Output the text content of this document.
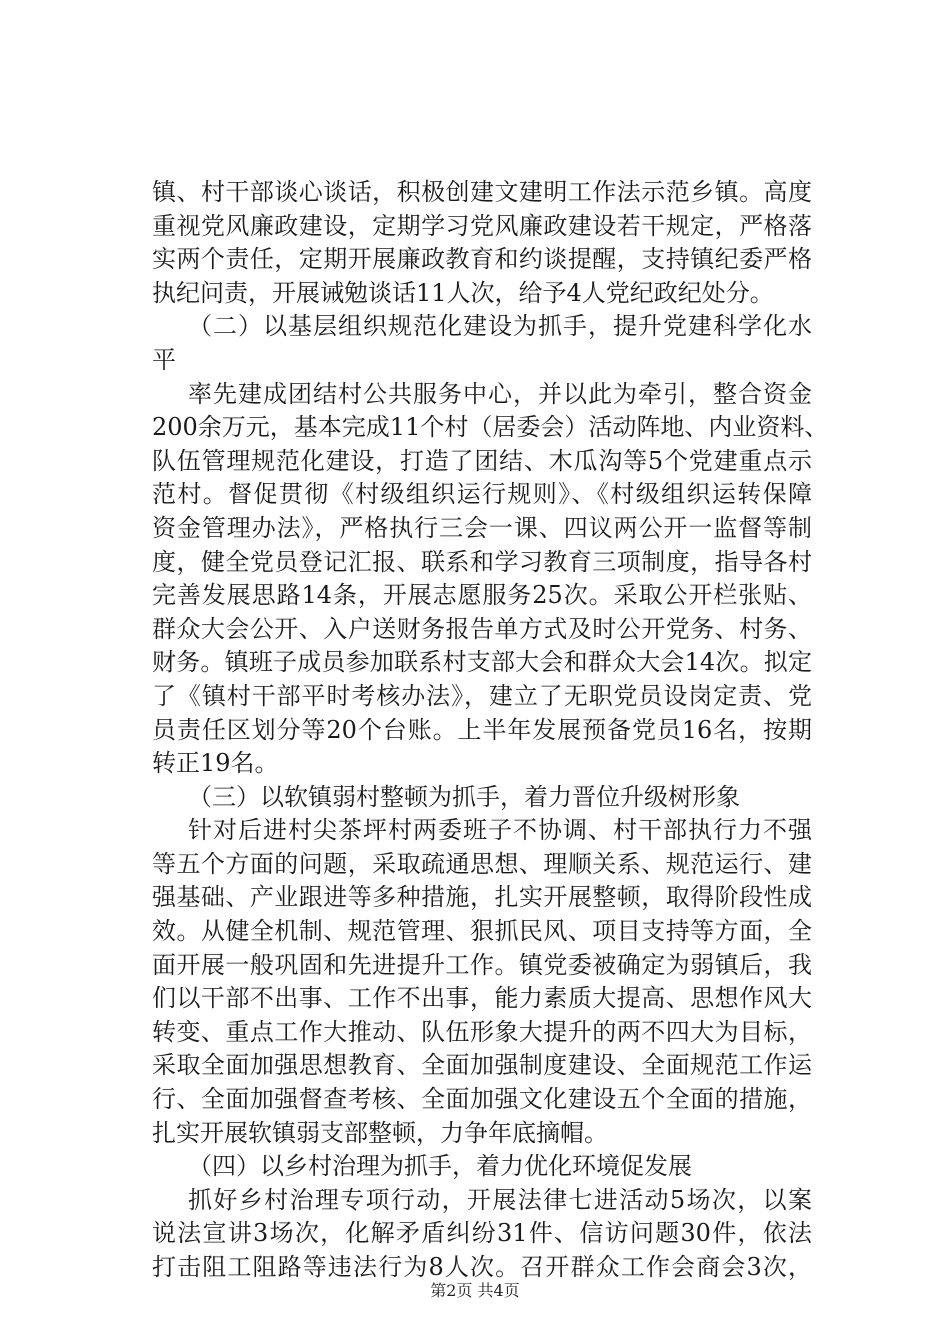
镇、村干部谈心谈话，积极创建文建明工作法示范乡镇。高度
重视党风廉政建设，定期学习党风廉政建设若干规定，严格落
实两个责任，定期开展廉政教育和约谈提醒，支持镇纪委严格
执纪问责，开展诫勉谈话11人次，给予4人党纪政纪处分。
（二）以基层组织规范化建设为抓手，提升党建科学化水
平
率先建成团结村公共服务中心，并以此为牵引，整合资金
200余万元，基本完成11个村（居委会）活动阵地、内业资料、
队伍管理规范化建设，打造了团结、木瓜沟等5个党建重点示
范村。督促贯彻《村级组织运行规则》、《村级组织运转保障
资金管理办法》，严格执行三会一课、四议两公开一监督等制
度，健全党员登记汇报、联系和学习教育三项制度，指导各村
完善发展思路14条，开展志愿服务25次。采取公开栏张贴、
群众大会公开、入户送财务报告单方式及时公开党务、村务、
财务。镇班子成员参加联系村支部大会和群众大会14次。拟定
了《镇村干部平时考核办法》，建立了无职党员设岗定责、党
员责任区划分等20个台账。上半年发展预备党员16名，按期
转正19名。
（三）以软镇弱村整顿为抓手，着力晋位升级树形象
针对后进村尖茶坪村两委班子不协调、村干部执行力不强
等五个方面的问题，采取疏通思想、理顺关系、规范运行、建
强基础、产业跟进等多种措施，扎实开展整顿，取得阶段性成
效。从健全机制、规范管理、狠抓民风、项目支持等方面，全
面开展一般巩固和先进提升工作。镇党委被确定为弱镇后，我
们以干部不出事、工作不出事，能力素质大提高、思想作风大
转变、重点工作大推动、队伍形象大提升的两不四大为目标，
采取全面加强思想教育、全面加强制度建设、全面规范工作运
行、全面加强督查考核、全面加强文化建设五个全面的措施，
扎实开展软镇弱支部整顿，力争年底摘帽。
（四）以乡村治理为抓手，着力优化环境促发展
抓好乡村治理专项行动，开展法律七进活动5场次，以案
说法宣讲3场次，化解矛盾纠纷31件、信访问题30件，依法
打击阻工阻路等违法行为8人次。召开群众工作会商会3次，
第2页 共4页
